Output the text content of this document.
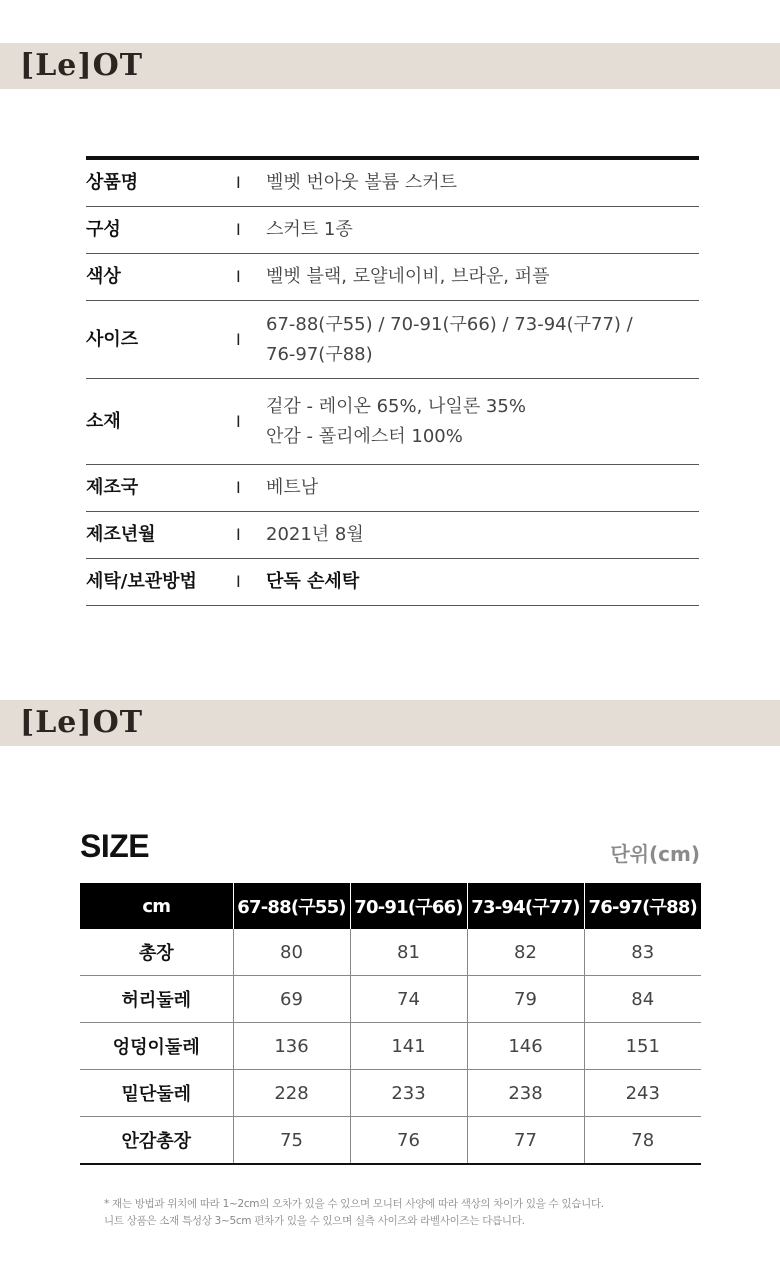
[Le]OT
상품명	I	벨벳 번아웃 볼륨 스커트
구성	I	스커트 1종
색상	I	벨벳 블랙, 로얄네이비, 브라운, 퍼플
사이즈	I
67-88(구55) / 70-91(구66) / 73-94(구77) /
76-97(구88)
소재	I
겉감 - 레이온 65%, 나일론 35%
안감 - 폴리에스터 100%
제조국	I	베트남
제조년월	I	2021년 8월
세탁/보관방법	I	단독 손세탁
[Le]OT
SIZE	단위(cm)
cm	67-88(구55)	70-91(구66)	73-94(구77)	76-97(구88)
총장	80	81	82	83
허리둘레	69	74	79	84
엉덩이둘레	136	141	146	151
밑단둘레	228	233	238	243
안감총장	75	76	77	78
* 재는 방법과 위치에 따라 1~2cm의 오차가 있을 수 있으며 모니터 사양에 따라 색상의 차이가 있을 수 있습니다.
니트 상품은 소재 특성상 3~5cm 편차가 있을 수 있으며 실측 사이즈와 라벨사이즈는 다릅니다.
